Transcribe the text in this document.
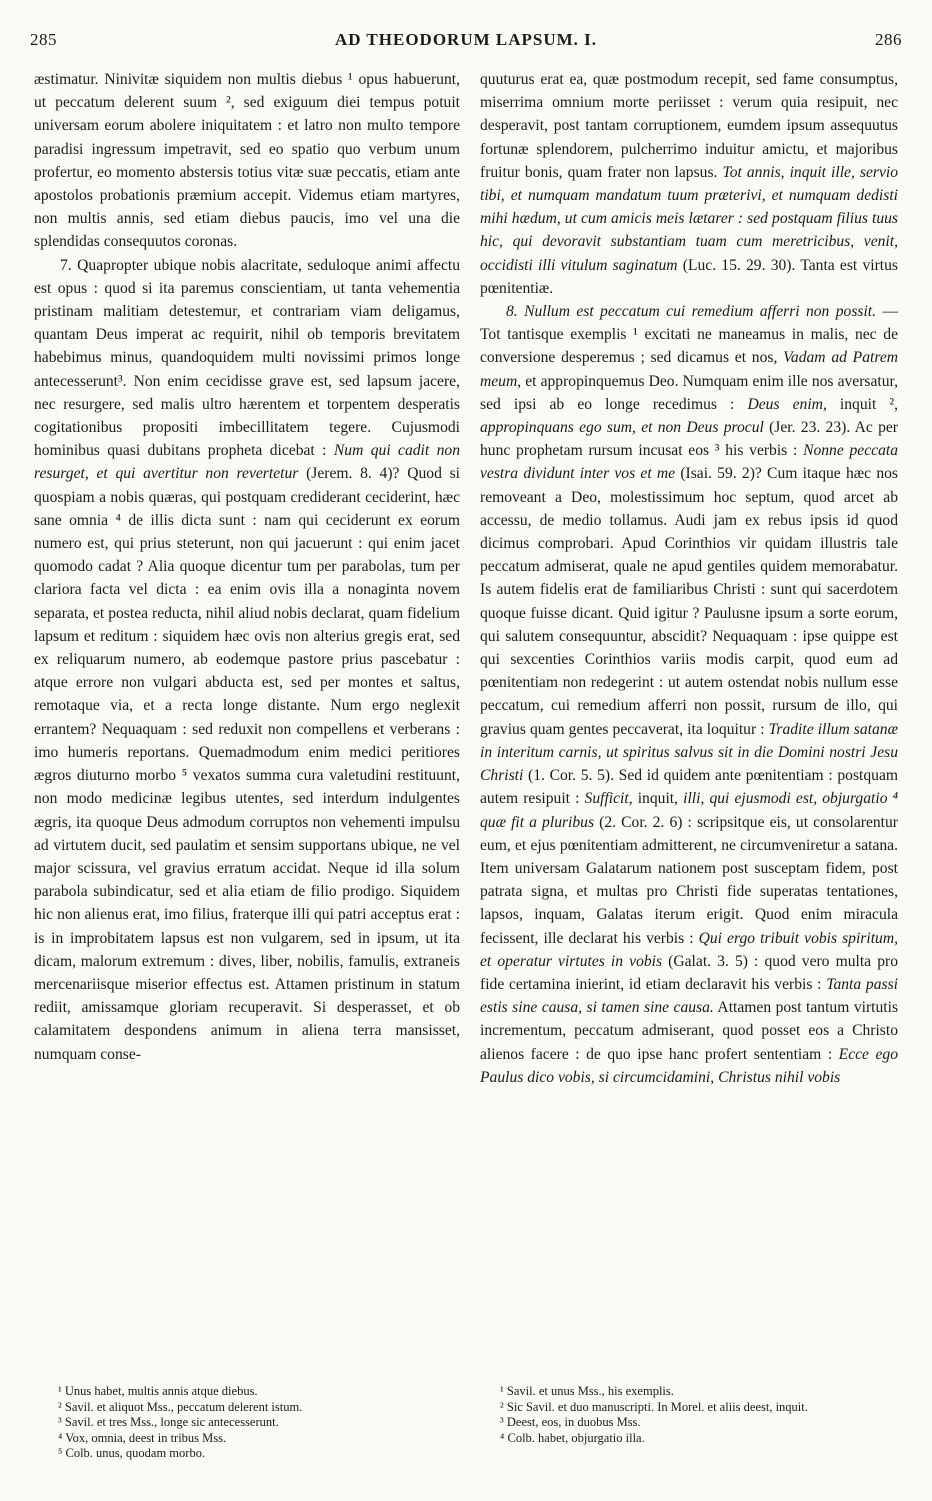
285	AD THEODORUM LAPSUM. I.	286

æstimatur. Ninivitæ siquidem non multis diebus ¹ opus habuerunt, ut peccatum delerent suum ², sed exiguum diei tempus potuit universam eorum abolere iniquitatem : et latro non multo tempore paradisi ingressum impetravit, sed eo spatio quo verbum unum profertur, eo momento abstersis totius vitæ suæ peccatis, etiam ante apostolos probationis præmium accepit. Videmus etiam martyres, non multis annis, sed etiam diebus paucis, imo vel una die splendidas consequutos coronas.

7. Quapropter ubique nobis alacritate, seduloque animi affectu est opus : quod si ita paremus conscientiam, ut tanta vehementia pristinam malitiam detestemur, et contrariam viam deligamus, quantam Deus imperat ac requirit, nihil ob temporis brevitatem habebimus minus, quandoquidem multi novissimi primos longe antecesserunt³. Non enim cecidisse grave est, sed lapsum jacere, nec resurgere, sed malis ultro hærentem et torpentem desperatis cogitationibus propositi imbecillitatem tegere. Cujusmodi hominibus quasi dubitans propheta dicebat : Num qui cadit non resurget, et qui avertitur non revertetur (Jerem. 8. 4)? Quod si quospiam a nobis quæras, qui postquam crediderant ceciderint, hæc sane omnia ⁴ de illis dicta sunt : nam qui ceciderunt ex eorum numero est, qui prius steterunt, non qui jacuerunt : qui enim jacet quomodo cadat ? Alia quoque dicentur tum per parabolas, tum per clariora facta vel dicta : ea enim ovis illa a nonaginta novem separata, et postea reducta, nihil aliud nobis declarat, quam fidelium lapsum et reditum : siquidem hæc ovis non alterius gregis erat, sed ex reliquarum numero, ab eodemque pastore prius pascebatur : atque errore non vulgari abducta est, sed per montes et saltus, remotaque via, et a recta longe distante. Num ergo neglexit errantem? Nequaquam : sed reduxit non compellens et verberans : imo humeris reportans. Quemadmodum enim medici peritiores ægros diuturno morbo ⁵ vexatos summa cura valetudini restituunt, non modo medicinæ legibus utentes, sed interdum indulgentes ægris, ita quoque Deus admodum corruptos non vehementi impulsu ad virtutem ducit, sed paulatim et sensim supportans ubique, ne vel major scissura, vel gravius erratum accidat. Neque id illa solum parabola subindicatur, sed et alia etiam de filio prodigo. Siquidem hic non alienus erat, imo filius, fraterque illi qui patri acceptus erat : is in improbitatem lapsus est non vulgarem, sed in ipsum, ut ita dicam, malorum extremum : dives, liber, nobilis, famulis, extraneis mercenariisque miserior effectus est. Attamen pristinum in statum rediit, amissamque gloriam recuperavit. Si desperasset, et ob calamitatem despondens animum in aliena terra mansisset, numquam conse-

quuturus erat ea, quæ postmodum recepit, sed fame consumptus, miserrima omnium morte periisset : verum quia resipuit, nec desperavit, post tantam corruptionem, eumdem ipsum assequutus fortunæ splendorem, pulcherrimo induitur amictu, et majoribus fruitur bonis, quam frater non lapsus. Tot annis, inquit ille, servio tibi, et numquam mandatum tuum præterivi, et numquam dedisti mihi hædum, ut cum amicis meis lætarer : sed postquam filius tuus hic, qui devoravit substantiam tuam cum meretricibus, venit, occidisti illi vitulum saginatum (Luc. 15. 29. 30). Tanta est virtus pœnitentiæ.

8. Nullum est peccatum cui remedium afferri non possit. — Tot tantisque exemplis ¹ excitati ne maneamus in malis, nec de conversione desperemus ; sed dicamus et nos, Vadam ad Patrem meum, et appropinquemus Deo. Numquam enim ille nos aversatur, sed ipsi ab eo longe recedimus : Deus enim, inquit ², appropinquans ego sum, et non Deus procul (Jer. 23. 23). Ac per hunc prophetam rursum incusat eos ³ his verbis : Nonne peccata vestra dividunt inter vos et me (Isai. 59. 2)? Cum itaque hæc nos removeant a Deo, molestissimum hoc septum, quod arcet ab accessu, de medio tollamus. Audi jam ex rebus ipsis id quod dicimus comprobari. Apud Corinthios vir quidam illustris tale peccatum admiserat, quale ne apud gentiles quidem memorabatur. Is autem fidelis erat de familiaribus Christi : sunt qui sacerdotem quoque fuisse dicant. Quid igitur ? Paulusne ipsum a sorte eorum, qui salutem consequuntur, abscidit? Nequaquam : ipse quippe est qui sexcenties Corinthios variis modis carpit, quod eum ad pœnitentiam non redegerint : ut autem ostendat nobis nullum esse peccatum, cui remedium afferri non possit, rursum de illo, qui gravius quam gentes peccaverat, ita loquitur : Tradite illum satanæ in interitum carnis, ut spiritus salvus sit in die Domini nostri Jesu Christi (1. Cor. 5. 5). Sed id quidem ante pœnitentiam : postquam autem resipuit : Sufficit, inquit, illi, qui ejusmodi est, objurgatio ⁴ quæ fit a pluribus (2. Cor. 2. 6) : scripsitque eis, ut consolarentur eum, et ejus pœnitentiam admitterent, ne circumveniretur a satana. Item universam Galatarum nationem post susceptam fidem, post patrata signa, et multas pro Christi fide superatas tentationes, lapsos, inquam, Galatas iterum erigit. Quod enim miracula fecissent, ille declarat his verbis : Qui ergo tribuit vobis spiritum, et operatur virtutes in vobis (Galat. 3. 5) : quod vero multa pro fide certamina inierint, id etiam declaravit his verbis : Tanta passi estis sine causa, si tamen sine causa. Attamen post tantum virtutis incrementum, peccatum admiserant, quod posset eos a Christo alienos facere : de quo ipse hanc profert sententiam : Ecce ego Paulus dico vobis, si circumcidamini, Christus nihil vobis

¹ Unus habet, multis annis atque diebus.

² Savil. et aliquot Mss., peccatum delerent istum.

³ Savil. et tres Mss., longe sic antecesserunt.

⁴ Vox, omnia, deest in tribus Mss.

⁵ Colb. unus, quodam morbo.

¹ Savil. et unus Mss., his exemplis.

² Sic Savil. et duo manuscripti. In Morel. et aliis deest, inquit.

³ Deest, eos, in duobus Mss.

⁴ Colb. habet, objurgatio illa.
